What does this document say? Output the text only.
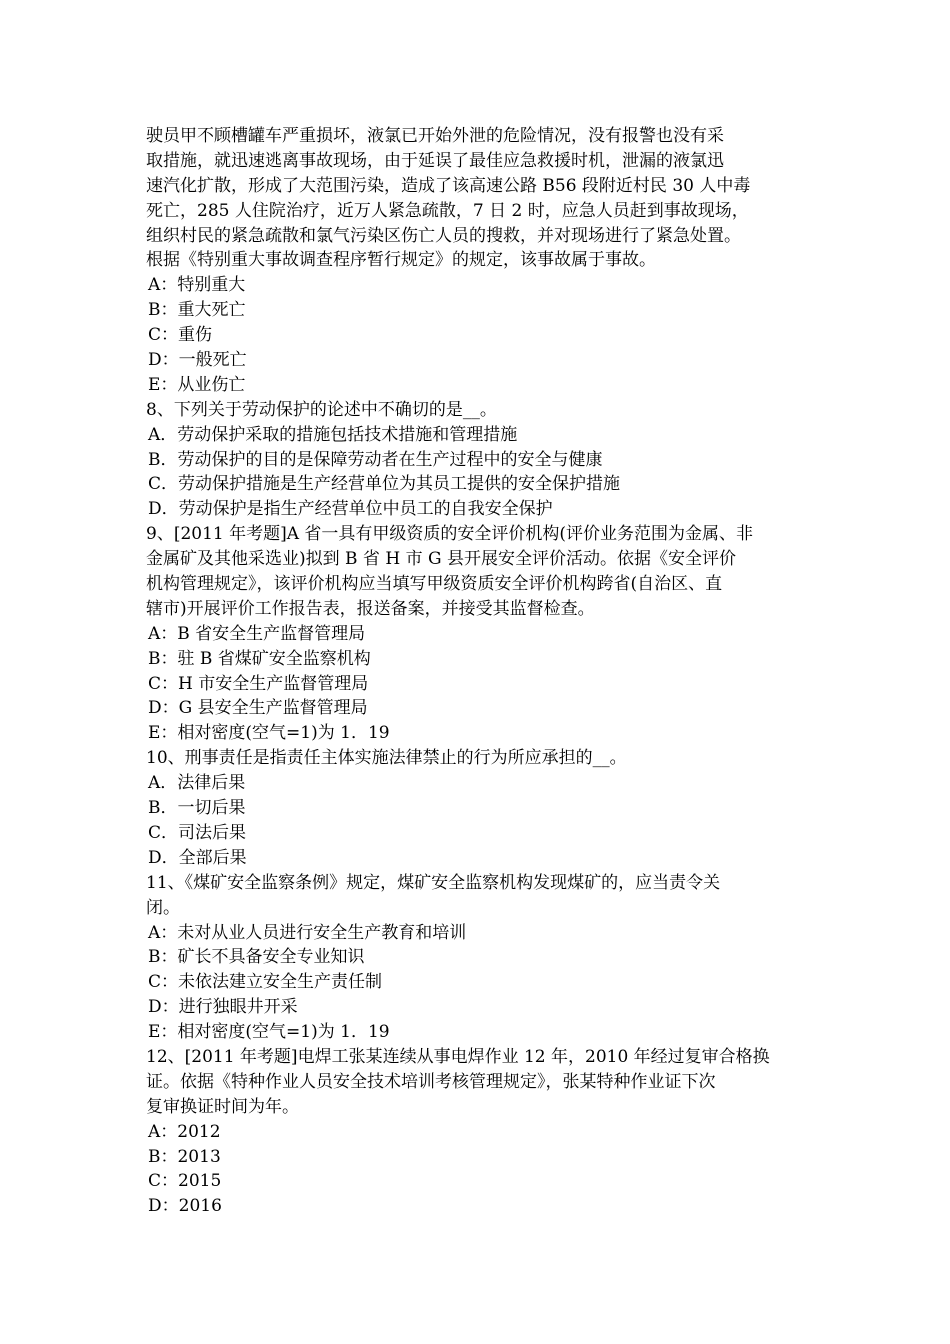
驶员甲不顾槽罐车严重损坏，液氯已开始外泄的危险情况，没有报警也没有采

取措施，就迅速逃离事故现场，由于延误了最佳应急救援时机，泄漏的液氯迅

速汽化扩散，形成了大范围污染，造成了该高速公路 B56 段附近村民 30 人中毒

死亡，285 人住院治疗，近万人紧急疏散，7 日 2 时，应急人员赶到事故现场，

组织村民的紧急疏散和氯气污染区伤亡人员的搜救，并对现场进行了紧急处置。

根据《特别重大事故调查程序暂行规定》的规定，该事故属于事故。

A：特别重大

B：重大死亡

C：重伤

D：一般死亡

E：从业伤亡

8、下列关于劳动保护的论述中不确切的是__。

A．劳动保护采取的措施包括技术措施和管理措施

B．劳动保护的目的是保障劳动者在生产过程中的安全与健康

C．劳动保护措施是生产经营单位为其员工提供的安全保护措施

D．劳动保护是指生产经营单位中员工的自我安全保护

9、[2011 年考题]A 省一具有甲级资质的安全评价机构(评价业务范围为金属、非

金属矿及其他采选业)拟到 B 省 H 市 G 县开展安全评价活动。依据《安全评价

机构管理规定》，该评价机构应当填写甲级资质安全评价机构跨省(自治区、直

辖市)开展评价工作报告表，报送备案，并接受其监督检查。

A：B 省安全生产监督管理局

B：驻 B 省煤矿安全监察机构

C：H 市安全生产监督管理局

D：G 县安全生产监督管理局

E：相对密度(空气=1)为 1．19

10、刑事责任是指责任主体实施法律禁止的行为所应承担的__。

A．法律后果

B．一切后果

C．司法后果

D．全部后果

11、《煤矿安全监察条例》规定，煤矿安全监察机构发现煤矿的，应当责令关

闭。

A：未对从业人员进行安全生产教育和培训

B：矿长不具备安全专业知识

C：未依法建立安全生产责任制

D：进行独眼井开采

E：相对密度(空气=1)为 1．19

12、[2011 年考题]电焊工张某连续从事电焊作业 12 年，2010 年经过复审合格换

证。依据《特种作业人员安全技术培训考核管理规定》，张某特种作业证下次

复审换证时间为年。

A：2012

B：2013

C：2015

D：2016
